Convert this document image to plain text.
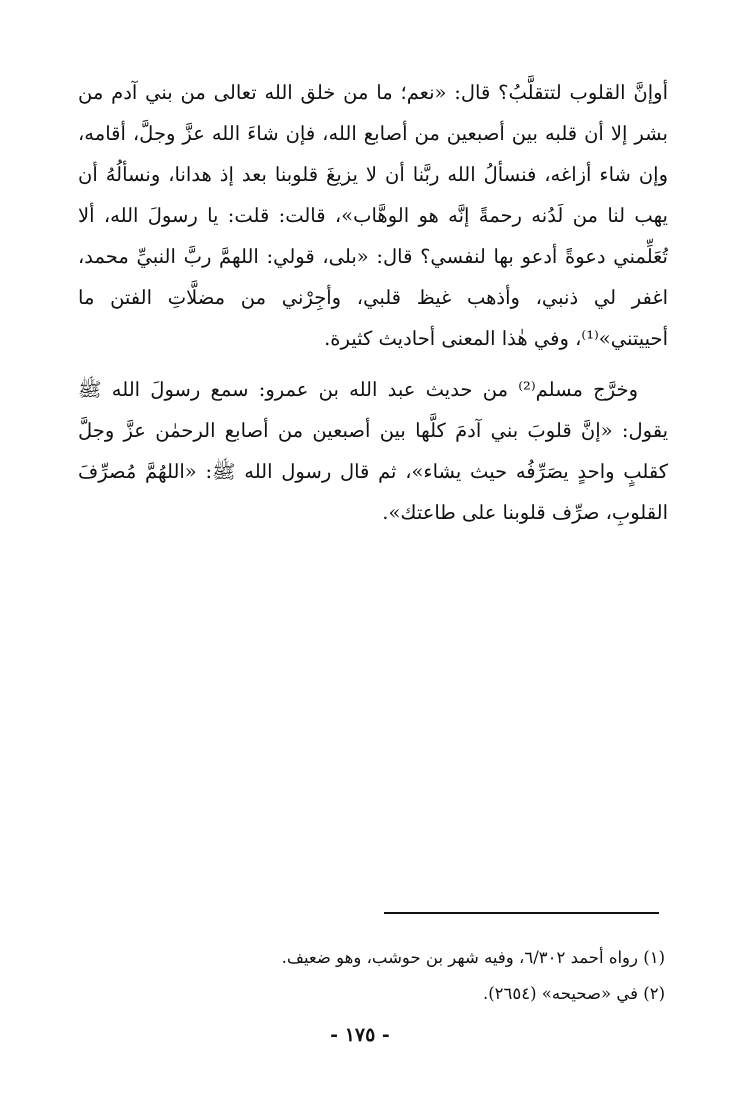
أوإنَّ القلوب لتتقلَّبُ؟ قال: «نعم؛ ما من خلق الله تعالى من بني آدم من بشر إلا أن قلبه بين أصبعين من أصابع الله، فإن شاءَ الله عزَّ وجلَّ، أقامه، وإن شاء أزاغه، فنسألُ الله ربَّنا أن لا يزيغَ قلوبنا بعد إذ هدانا، ونسألُهُ أن يهب لنا من لَدُنه رحمةً إنَّه هو الوهَّاب»، قالت: قلت: يا رسولَ الله، ألا تُعَلِّمني دعوةً أدعو بها لنفسي؟ قال: «بلى، قولي: اللهمَّ ربَّ النبيِّ محمد، اغفر لي ذنبي، وأذهب غيظ قلبي، وأجِرْني من مضلَّاتِ الفتن ما أحييتني»⁽¹⁾، وفي هٰذا المعنى أحاديث كثيرة.

وخرَّج مسلم⁽²⁾ من حديث عبد الله بن عمرو: سمع رسولَ الله ﷺ يقول: «إنَّ قلوبَ بني آدمَ كلَّها بين أصبعين من أصابع الرحمٰن عزَّ وجلَّ كقلبٍ واحدٍ يصَرِّفُه حيث يشاء»، ثم قال رسول الله ﷺ: «اللهُمَّ مُصرِّفَ القلوبِ، صرِّف قلوبنا على طاعتك».

(١) رواه أحمد ٦/٣٠٢، وفيه شهر بن حوشب، وهو ضعيف.

(٢) في «صحيحه» (٢٦٥٤).

- ١٧٥ -
